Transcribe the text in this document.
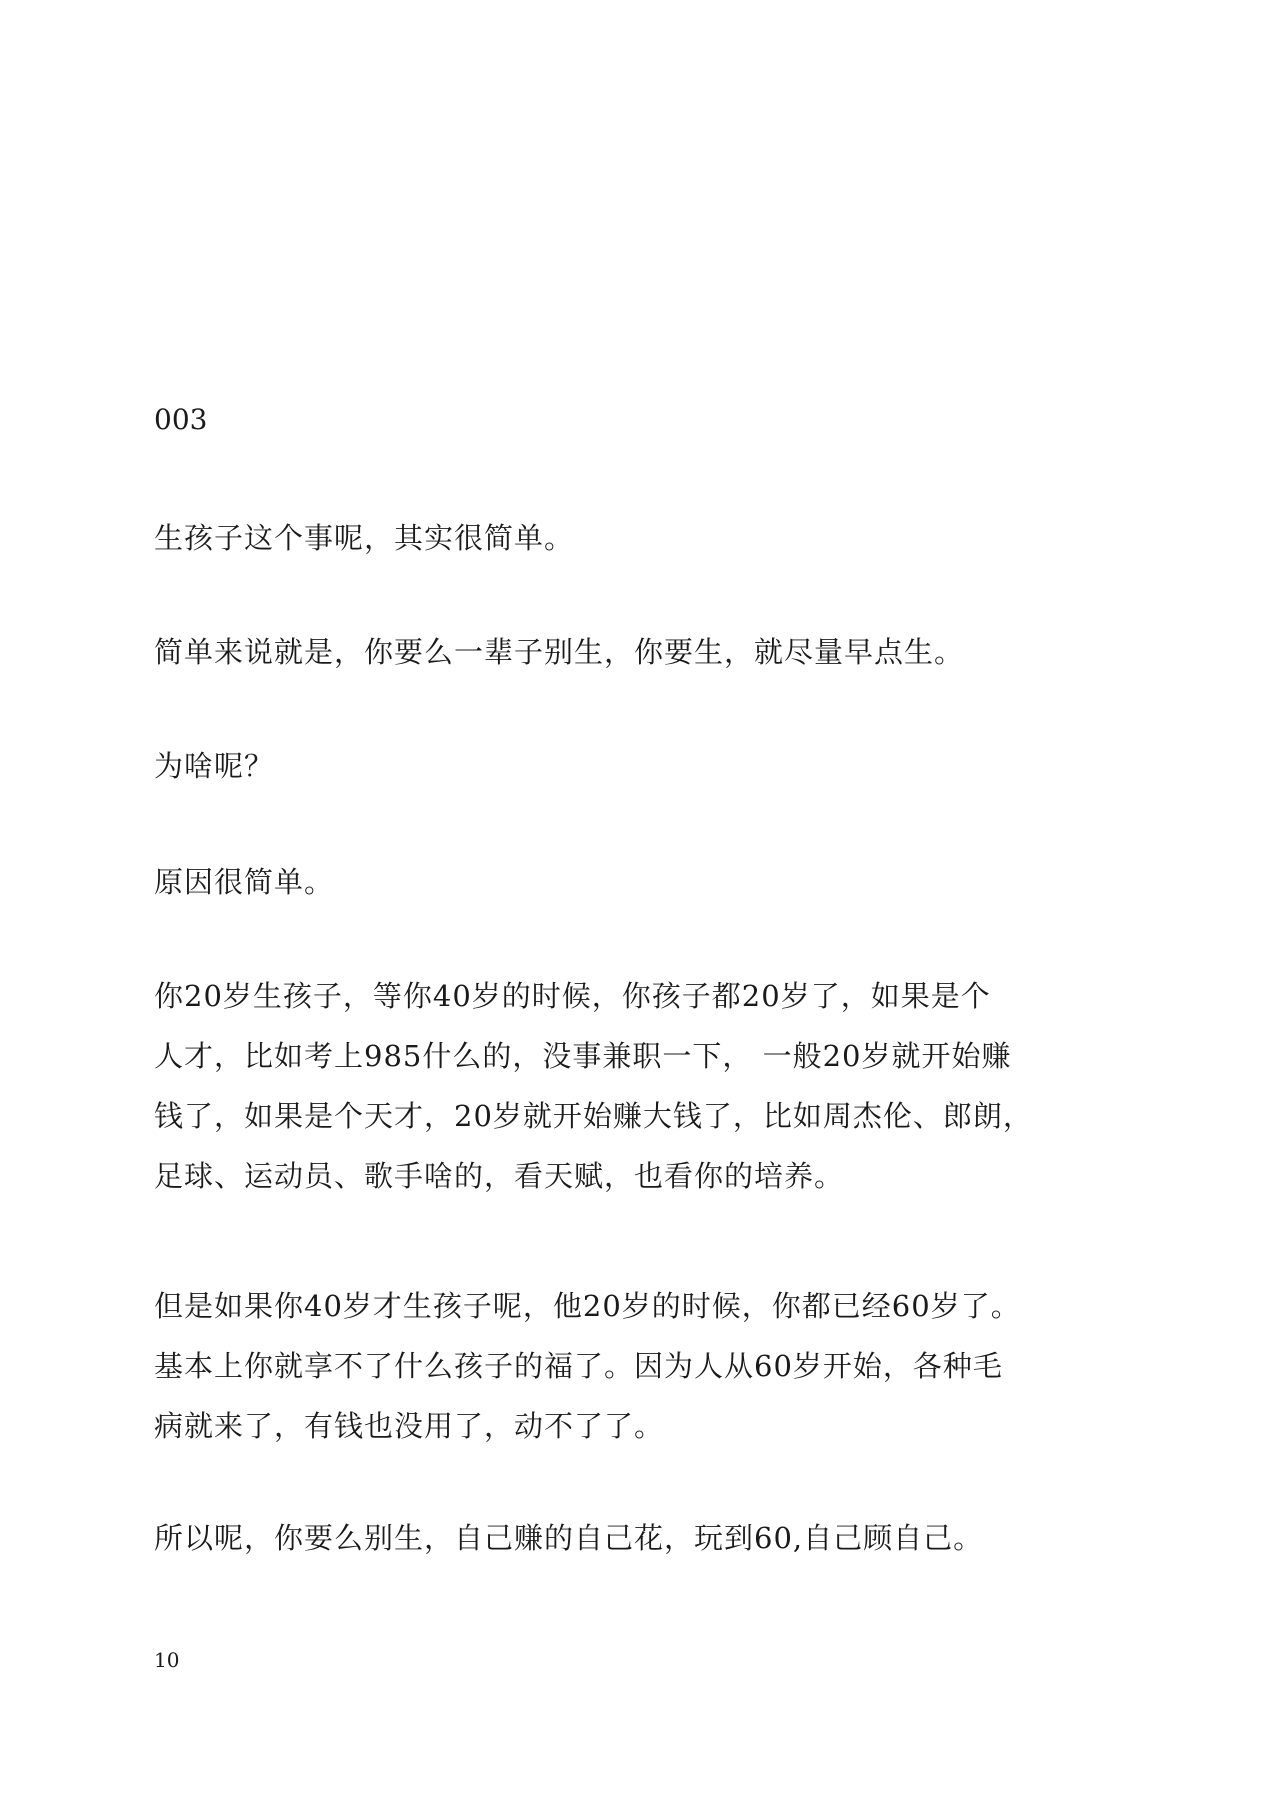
003
生孩子这个事呢，其实很简单。
简单来说就是，你要么一辈子别生，你要生，就尽量早点生。
为啥呢？
原因很简单。
你20岁生孩子，等你40岁的时候，你孩子都20岁了，如果是个
人才，比如考上985什么的，没事兼职一下， 一般20岁就开始赚
钱了，如果是个天才，20岁就开始赚大钱了，比如周杰伦、郎朗，
足球、运动员、歌手啥的，看天赋，也看你的培养。
但是如果你40岁才生孩子呢，他20岁的时候，你都已经60岁了。
基本上你就享不了什么孩子的福了。因为人从60岁开始，各种毛
病就来了，有钱也没用了，动不了了。
所以呢，你要么别生，自己赚的自己花，玩到60,自己顾自己。
10
